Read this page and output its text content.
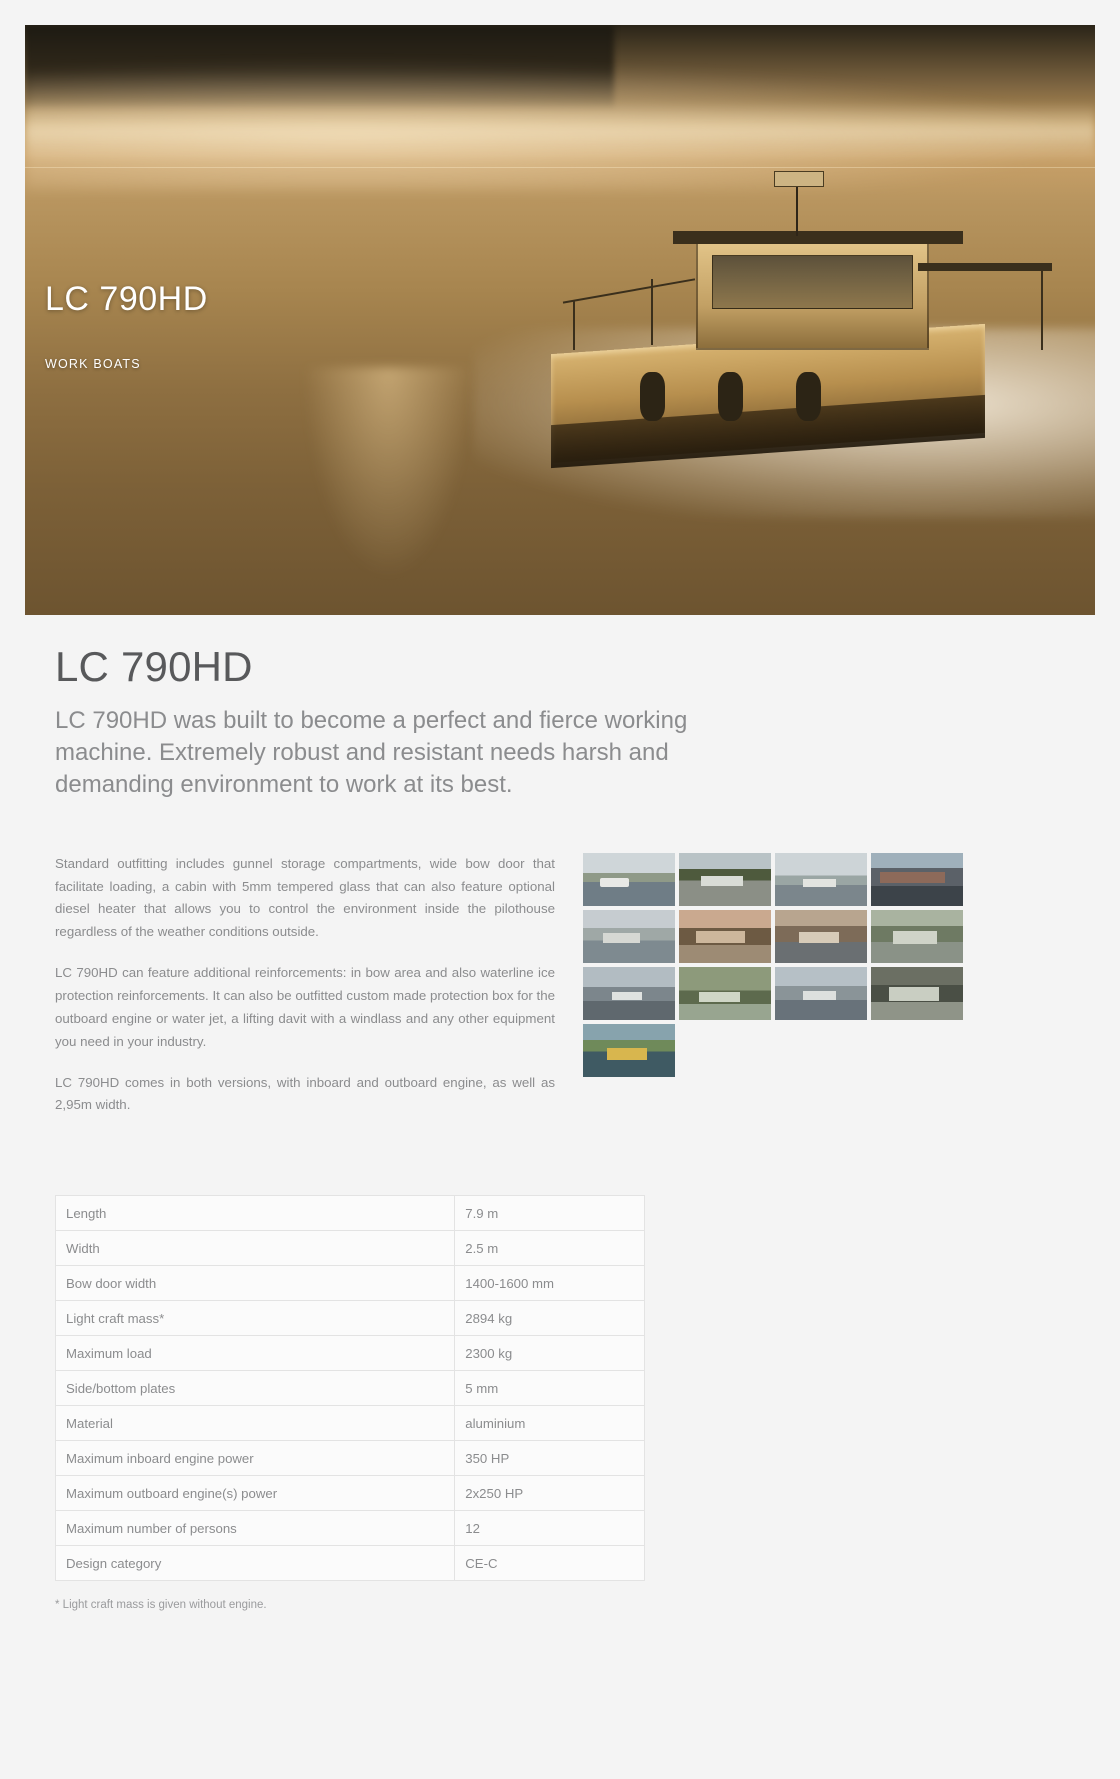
LC 790HD
WORK BOATS
LC 790HD

LC 790HD was built to become a perfect and fierce working machine. Extremely robust and resistant needs harsh and demanding environment to work at its best.

Standard outfitting includes gunnel storage compartments, wide bow door that facilitate loading, a cabin with 5mm tempered glass that can also feature optional diesel heater that allows you to control the environment inside the pilothouse regardless of the weather conditions outside.

LC 790HD can feature additional reinforcements: in bow area and also waterline ice protection reinforcements. It can also be outfitted custom made protection box for the outboard engine or water jet, a lifting davit with a windlass and any other equipment you need in your industry.

LC 790HD comes in both versions, with inboard and outboard engine, as well as 2,95m width.

Length	7.9 m
Width	2.5 m
Bow door width	1400-1600 mm
Light craft mass*	2894 kg
Maximum load	2300 kg
Side/bottom plates	5 mm
Material	aluminium
Maximum inboard engine power	350 HP
Maximum outboard engine(s) power	2x250 HP
Maximum number of persons	12
Design category	CE-C
* Light craft mass is given without engine.
